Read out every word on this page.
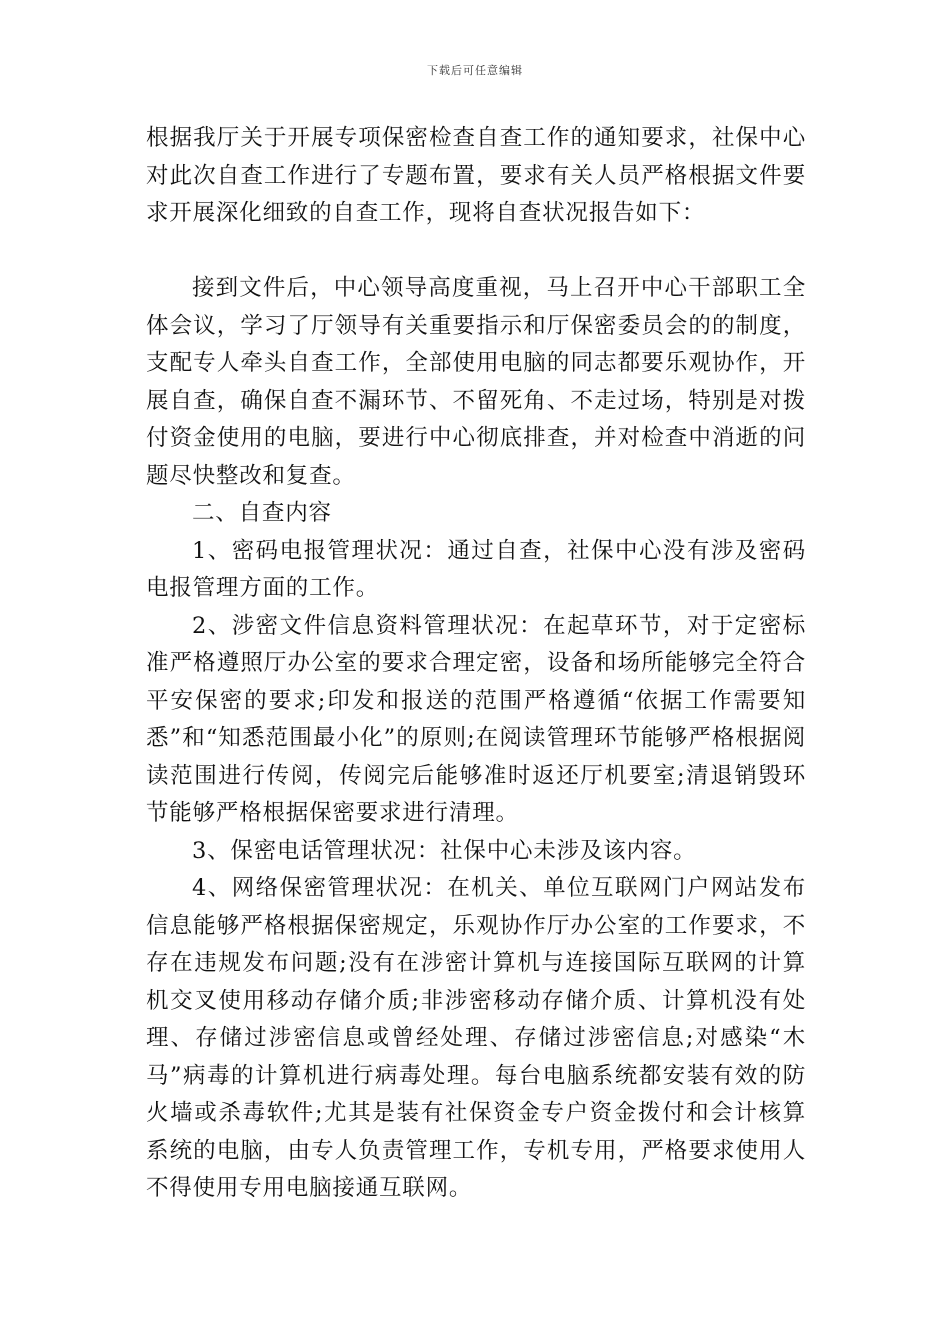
下载后可任意编辑

根据我厅关于开展专项保密检查自查工作的通知要求，社保中心对此次自查工作进行了专题布置，要求有关人员严格根据文件要求开展深化细致的自查工作，现将自查状况报告如下：

接到文件后，中心领导高度重视，马上召开中心干部职工全体会议，学习了厅领导有关重要指示和厅保密委员会的的制度，支配专人牵头自查工作，全部使用电脑的同志都要乐观协作，开展自查，确保自查不漏环节、不留死角、不走过场，特别是对拨付资金使用的电脑，要进行中心彻底排查，并对检查中消逝的问题尽快整改和复查。

二、自查内容

1、密码电报管理状况：通过自查，社保中心没有涉及密码电报管理方面的工作。

2、涉密文件信息资料管理状况：在起草环节，对于定密标准严格遵照厅办公室的要求合理定密，设备和场所能够完全符合平安保密的要求;印发和报送的范围严格遵循“依据工作需要知悉”和“知悉范围最小化”的原则;在阅读管理环节能够严格根据阅读范围进行传阅，传阅完后能够准时返还厅机要室;清退销毁环节能够严格根据保密要求进行清理。

3、保密电话管理状况：社保中心未涉及该内容。

4、网络保密管理状况：在机关、单位互联网门户网站发布信息能够严格根据保密规定，乐观协作厅办公室的工作要求，不存在违规发布问题;没有在涉密计算机与连接国际互联网的计算机交叉使用移动存储介质;非涉密移动存储介质、计算机没有处理、存储过涉密信息或曾经处理、存储过涉密信息;对感染“木马”病毒的计算机进行病毒处理。每台电脑系统都安装有效的防火墙或杀毒软件;尤其是装有社保资金专户资金拨付和会计核算系统的电脑，由专人负责管理工作，专机专用，严格要求使用人不得使用专用电脑接通互联网。
